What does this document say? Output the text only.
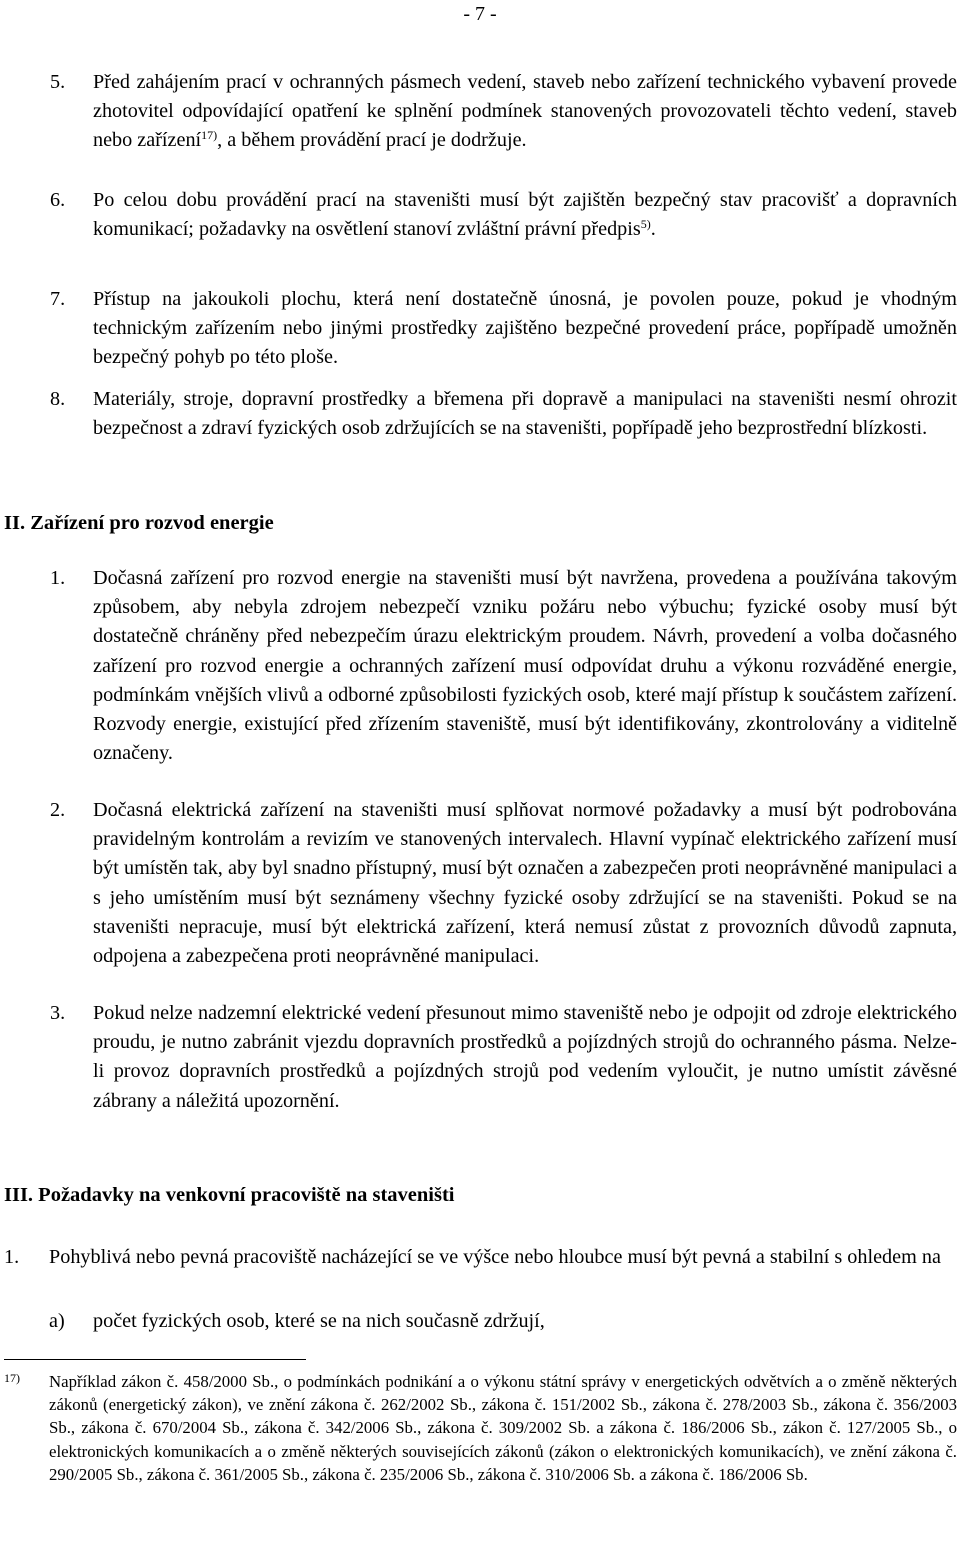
- 7 -
5.	Před zahájením prací v ochranných pásmech vedení, staveb nebo zařízení technického vybavení provede zhotovitel odpovídající opatření ke splnění podmínek stanovených provozovateli těchto vedení, staveb nebo zařízení$^{17)}$, a během provádění prací je dodržuje.
6.	Po celou dobu provádění prací na staveništi musí být zajištěn bezpečný stav pracovišť a dopravních komunikací; požadavky na osvětlení stanoví zvláštní právní předpis$^{5)}$.
7.	Přístup na jakoukoli plochu, která není dostatečně únosná, je povolen pouze, pokud je vhodným technickým zařízením nebo jinými prostředky zajištěno bezpečné provedení práce, popřípadě umožněn bezpečný pohyb po této ploše.
8.	Materiály, stroje, dopravní prostředky a břemena při dopravě a manipulaci na staveništi nesmí ohrozit bezpečnost a zdraví fyzických osob zdržujících se na staveništi, popřípadě jeho bezprostřední blízkosti.
II. Zařízení pro rozvod energie
1.	Dočasná zařízení pro rozvod energie na staveništi musí být navržena, provedena a používána takovým způsobem, aby nebyla zdrojem nebezpečí vzniku požáru nebo výbuchu; fyzické osoby musí být dostatečně chráněny před nebezpečím úrazu elektrickým proudem. Návrh, provedení a volba dočasného zařízení pro rozvod energie a ochranných zařízení musí odpovídat druhu a výkonu rozváděné energie, podmínkám vnějších vlivů a odborné způsobilosti fyzických osob, které mají přístup k součástem zařízení. Rozvody energie, existující před zřízením staveniště, musí být identifikovány, zkontrolovány a viditelně označeny.
2.	Dočasná elektrická zařízení na staveništi musí splňovat normové požadavky a musí být podrobována pravidelným kontrolám a revizím ve stanovených intervalech. Hlavní vypínač elektrického zařízení musí být umístěn tak, aby byl snadno přístupný, musí být označen a zabezpečen proti neoprávněné manipulaci a s jeho umístěním musí být seznámeny všechny fyzické osoby zdržující se na staveništi. Pokud se na staveništi nepracuje, musí být elektrická zařízení, která nemusí zůstat z provozních důvodů zapnuta, odpojena a zabezpečena proti neoprávněné manipulaci.
3.	Pokud nelze nadzemní elektrické vedení přesunout mimo staveniště nebo je odpojit od zdroje elektrického proudu, je nutno zabránit vjezdu dopravních prostředků a pojízdných strojů do ochranného pásma. Nelze-li provoz dopravních prostředků a pojízdných strojů pod vedením vyloučit, je nutno umístit závěsné zábrany a náležitá upozornění.
III. Požadavky na venkovní pracoviště na staveništi
1.	Pohyblivá nebo pevná pracoviště nacházející se ve výšce nebo hloubce musí být pevná a stabilní s ohledem na
a) počet fyzických osob, které se na nich současně zdržují,
17) Například zákon č. 458/2000 Sb., o podmínkách podnikání a o výkonu státní správy v energetických odvětvích a o změně některých zákonů (energetický zákon), ve znění zákona č. 262/2002 Sb., zákona č. 151/2002 Sb., zákona č. 278/2003 Sb., zákona č. 356/2003 Sb., zákona č. 670/2004 Sb., zákona č. 342/2006 Sb., zákona č. 309/2002 Sb. a zákona č. 186/2006 Sb., zákon č. 127/2005 Sb., o elektronických komunikacích a o změně některých souvisejících zákonů (zákon o elektronických komunikacích), ve znění zákona č. 290/2005 Sb., zákona č. 361/2005 Sb., zákona č. 235/2006 Sb., zákona č. 310/2006 Sb. a zákona č. 186/2006 Sb.
